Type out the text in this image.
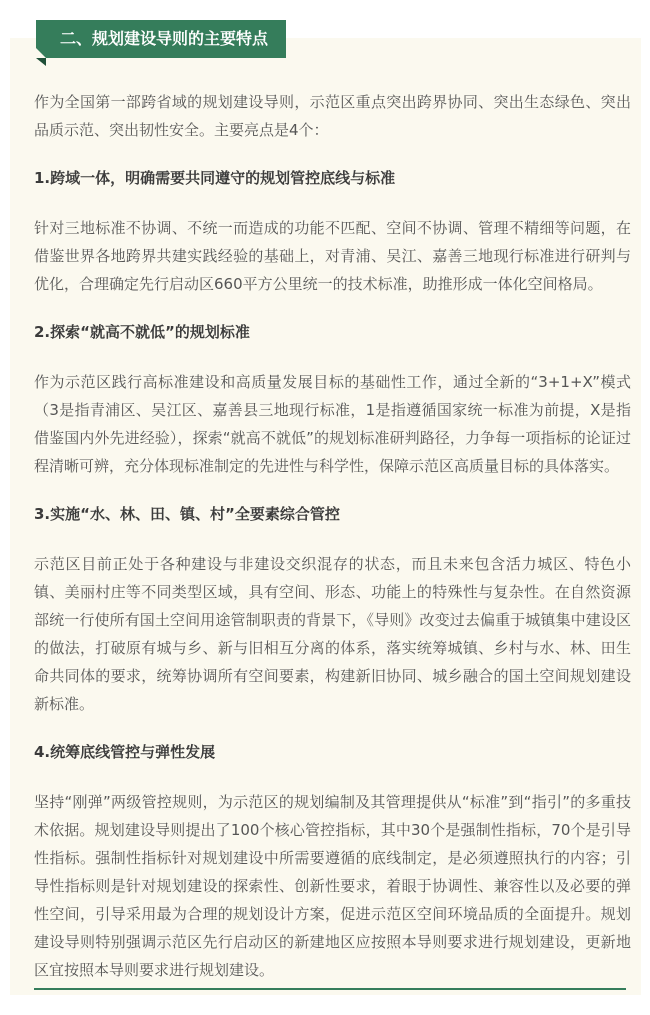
二、规划建设导则的主要特点

作为全国第一部跨省域的规划建设导则，示范区重点突出跨界协同、突出生态绿色、突出品质示范、突出韧性安全。主要亮点是4个：

1.跨域一体，明确需要共同遵守的规划管控底线与标准

针对三地标准不协调、不统一而造成的功能不匹配、空间不协调、管理不精细等问题，在借鉴世界各地跨界共建实践经验的基础上，对青浦、吴江、嘉善三地现行标准进行研判与优化，合理确定先行启动区660平方公里统一的技术标准，助推形成一体化空间格局。

2.探索“就高不就低”的规划标准

作为示范区践行高标准建设和高质量发展目标的基础性工作，通过全新的“3+1+X”模式（3是指青浦区、吴江区、嘉善县三地现行标准，1是指遵循国家统一标准为前提，X是指借鉴国内外先进经验），探索“就高不就低”的规划标准研判路径，力争每一项指标的论证过程清晰可辨，充分体现标准制定的先进性与科学性，保障示范区高质量目标的具体落实。

3.实施“水、林、田、镇、村”全要素综合管控

示范区目前正处于各种建设与非建设交织混存的状态，而且未来包含活力城区、特色小镇、美丽村庄等不同类型区域，具有空间、形态、功能上的特殊性与复杂性。在自然资源部统一行使所有国土空间用途管制职责的背景下，《导则》改变过去偏重于城镇集中建设区的做法，打破原有城与乡、新与旧相互分离的体系，落实统筹城镇、乡村与水、林、田生命共同体的要求，统筹协调所有空间要素，构建新旧协同、城乡融合的国土空间规划建设新标准。

4.统筹底线管控与弹性发展

坚持“刚弹”两级管控规则，为示范区的规划编制及其管理提供从“标准”到“指引”的多重技术依据。规划建设导则提出了100个核心管控指标，其中30个是强制性指标，70个是引导性指标。强制性指标针对规划建设中所需要遵循的底线制定，是必须遵照执行的内容；引导性指标则是针对规划建设的探索性、创新性要求，着眼于协调性、兼容性以及必要的弹性空间，引导采用最为合理的规划设计方案，促进示范区空间环境品质的全面提升。规划建设导则特别强调示范区先行启动区的新建地区应按照本导则要求进行规划建设，更新地区宜按照本导则要求进行规划建设。
